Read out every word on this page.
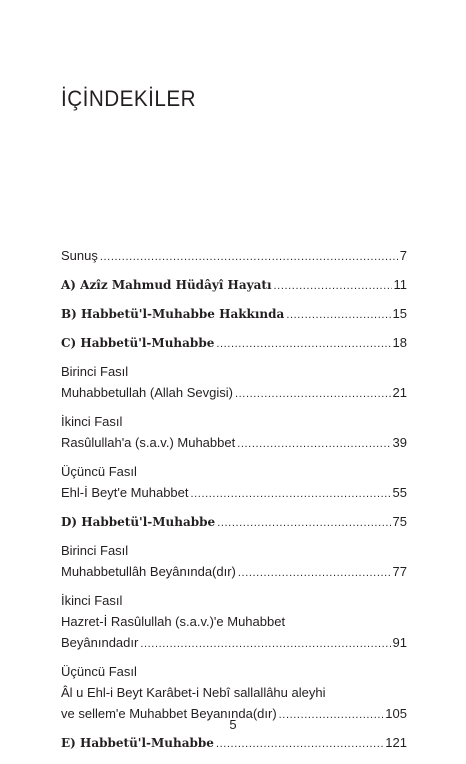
İÇİNDEKİLER
Sunuş .....	7
A) Azîz Mahmud Hüdâyî Hayatı .....	11
B) Habbetü'l-Muhabbe Hakkında .....	15
C) Habbetü'l-Muhabbe .....	18
Birinci Fasıl
Muhabbetullah (Allah Sevgisi) .....	21
İkinci Fasıl
Rasûlullah'a (s.a.v.) Muhabbet .....	39
Üçüncü Fasıl
Ehl-İ Beyt'e Muhabbet .....	55
D) Habbetü'l-Muhabbe .....	75
Birinci Fasıl
Muhabbetullâh Beyânında(dır) .....	77
İkinci Fasıl
Hazret-İ Rasûlullah (s.a.v.)'e Muhabbet
Beyânındadır .....	91
Üçüncü Fasıl
Âl u Ehl-i Beyt Karâbet-i Nebî sallallâhu aleyhi
ve sellem'e Muhabbet Beyanında(dır) .....	105
E) Habbetü'l-Muhabbe .....	121
5
